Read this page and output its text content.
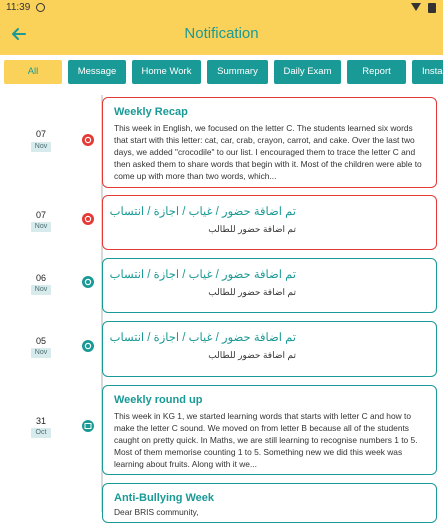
11:39
Notification
All	Message	Home Work	Summary	Daily Exam	Report	Insta
07
Nov
Weekly Recap
This week in English, we focused on the letter C. The students learned six words that start with this letter: cat, car, crab, crayon, carrot, and cake. Over the last two days, we added "crocodile" to our list. I encouraged them to trace the letter C and then asked them to share words that begin with it. Most of the children were able to come up with more than two words, which...
07
Nov
تم اضافة حضور / غياب / اجازة / انتساب
تم اضافة حضور للطالب
06
Nov
تم اضافة حضور / غياب / اجازة / انتساب
تم اضافة حضور للطالب
05
Nov
تم اضافة حضور / غياب / اجازة / انتساب
تم اضافة حضور للطالب
31
Oct
Weekly round up
This week in KG 1, we started learning words that starts with letter C and how to make the letter C sound. We moved on from letter B because all of the students caught on pretty quick. In Maths, we are still learning to recognise numbers 1 to 5. Most of them memorise counting 1 to 5. Something new we did this week was learning about fruits. Along with it we...
Anti-Bullying Week
Dear BRIS community,
